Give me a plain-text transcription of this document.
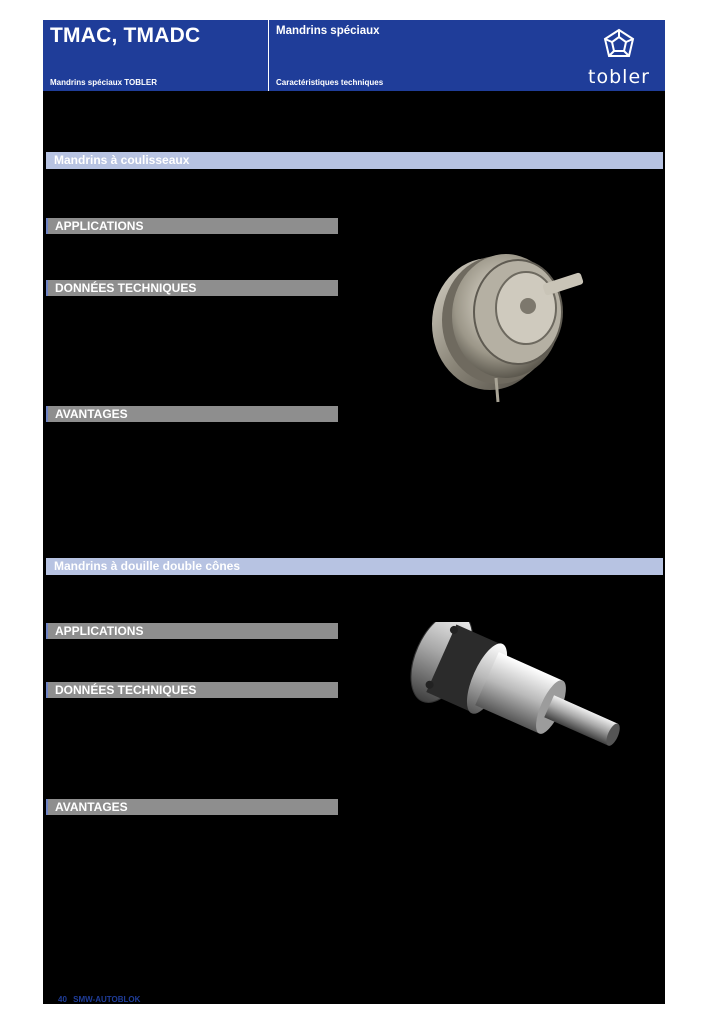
TMAC, TMADC
Mandrins spéciaux TOBLER
Mandrins spéciaux
Caractéristiques techniques	tobler
Mandrins à coulisseaux
APPLICATIONS
DONNÉES TECHNIQUES
AVANTAGES
Mandrins à douille double cônes
APPLICATIONS
DONNÉES TECHNIQUES
AVANTAGES
40 SMW-AUTOBLOK
